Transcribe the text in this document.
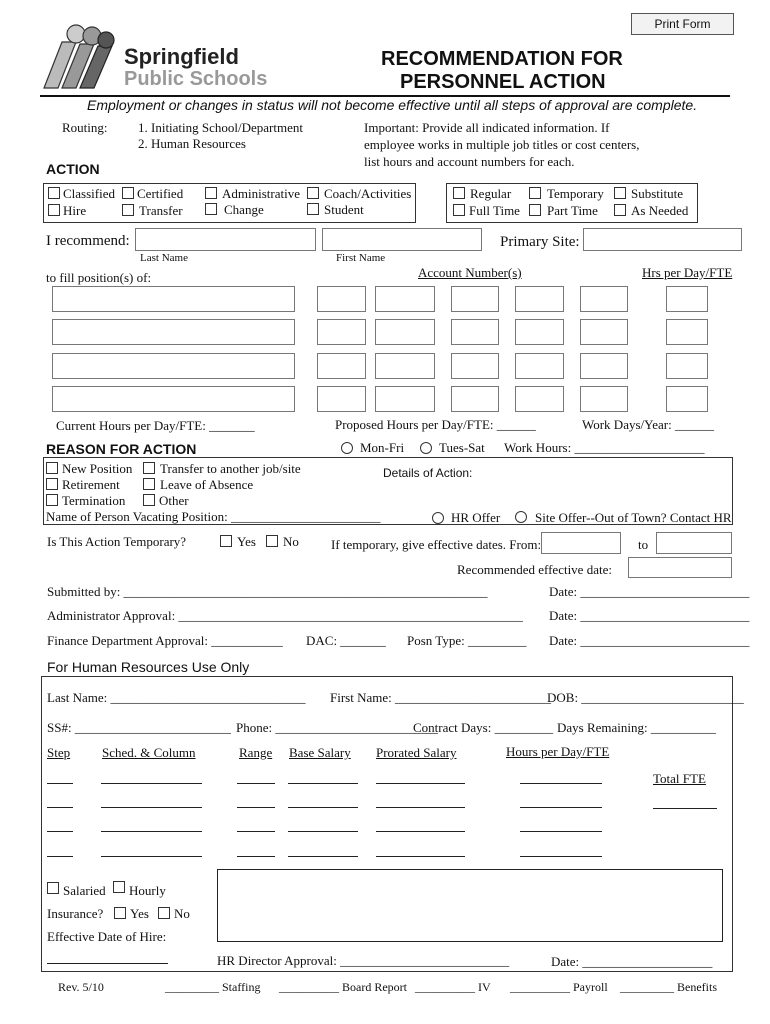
Print Form
Springfield
Public Schools
RECOMMENDATION FOR
PERSONNEL ACTION
Employment or changes in status will not become effective until all steps of approval are complete.
Routing: 1. Initiating School/Department
2. Human Resources
Important: Provide all indicated information. If
employee works in multiple job titles or cost centers,
list hours and account numbers for each.
ACTION
Classified
Hire
Certified
Transfer
Administrative
Change
Coach/Activities
Student
Regular
Full Time
Temporary
Part Time
Substitute
As Needed
I recommend:
Last Name	First Name
Primary Site:
to fill position(s) of:	Account Number(s)	Hrs per Day/FTE
Current Hours per Day/FTE: _______	Proposed Hours per Day/FTE: ______	Work Days/Year: ______
REASON FOR ACTION	Mon-Fri	Tues-Sat Work Hours: ____________________
New Position
Retirement
Termination
Transfer to another job/site
Leave of Absence
Other
Details of Action:
Name of Person Vacating Position: _______________________	HR Offer	Site Offer--Out of Town? Contact HR
Is This Action Temporary?	Yes No If temporary, give effective dates. From:	to
Recommended effective date:
Submitted by: ________________________________________________________	Date: __________________________
Administrator Approval: _____________________________________________________ Date: __________________________
Finance Department Approval: ___________ DAC: _______ Posn Type: _________ Date: __________________________
For Human Resources Use Only
Last Name: ______________________________ First Name: ________________________
DOB: _________________________
SS#: ________________________ Phone: _________________________
Contract Days: _________ Days Remaining: __________
Step Sched. & Column	Range Base Salary Prorated Salary	Hours per Day/FTE
Total FTE
Salaried Hourly
Insurance? Yes No
Effective Date of Hire:
HR Director Approval: __________________________	Date: ____________________
Rev. 5/10	_________ Staffing __________ Board Report __________ IV __________ Payroll _________ Benefits
